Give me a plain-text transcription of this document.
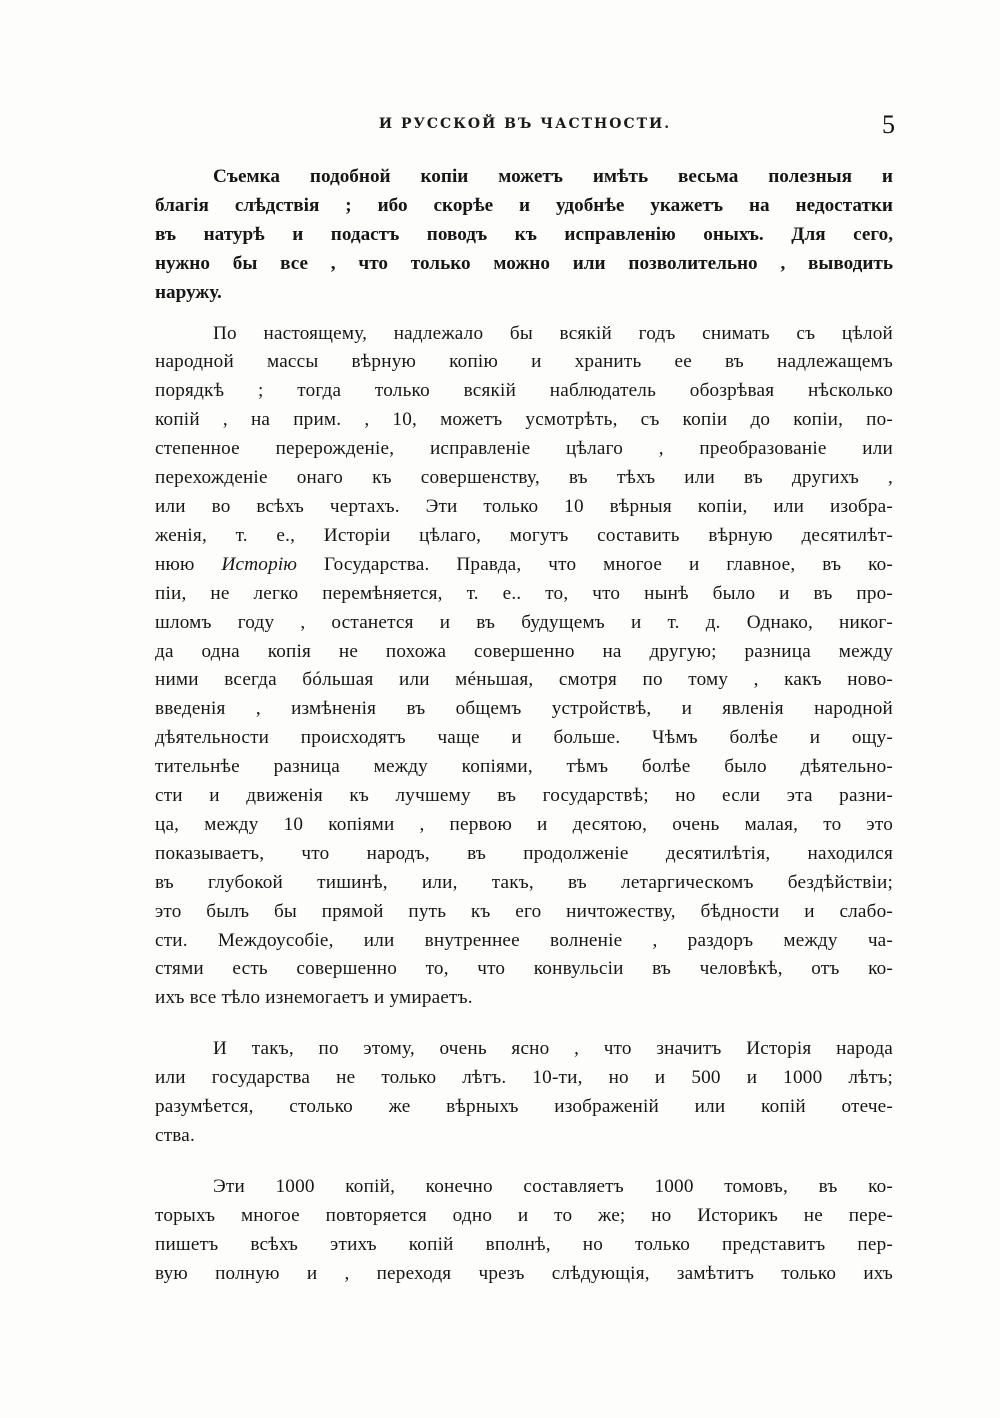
И РУССКОЙ ВЪ ЧАСТНОСТИ.	5

Съемка подобной копіи можетъ имѣть весьма полезныя и
благія слѣдствія ; ибо скорѣе и удобнѣе укажетъ на недостатки
въ натурѣ и подастъ поводъ къ исправленію оныхъ. Для сего,
нужно бы все , что только можно или позволительно , выводить
наружу.

По настоящему, надлежало бы всякій годъ снимать съ цѣлой
народной массы вѣрную копію и хранить ее въ надлежащемъ
порядкѣ ; тогда только всякій наблюдатель обозрѣвая нѣсколько
копій , на прим. , 10, можетъ усмотрѣть, съ копіи до копіи, по-
степенное перерожденіе, исправленіе цѣлаго , преобразованіе или
перехожденіе онаго къ совершенству, въ тѣхъ или въ другихъ ,
или во всѣхъ чертахъ. Эти только 10 вѣрныя копіи, или изобра-
женія, т. е., Исторіи цѣлаго, могутъ составить вѣрную десятилѣт-
нюю Исторію Государства. Правда, что многое и главное, въ ко-
піи, не легко перемѣняется, т. е.. то, что нынѣ было и въ про-
шломъ году , останется и въ будущемъ и т. д. Однако, никог-
да одна копія не похожа совершенно на другую; разница между
ними всегда бóльшая или мéньшая, смотря по тому , какъ ново-
введенія , измѣненія въ общемъ устройствѣ, и явленія народной
дѣятельности происходятъ чаще и больше. Чѣмъ болѣе и ощу-
тительнѣе разница между копіями, тѣмъ болѣе было дѣятельно-
сти и движенія къ лучшему въ государствѣ; но если эта разни-
ца, между 10 копіями , первою и десятою, очень малая, то это
показываетъ, что народъ, въ продолженіе десятилѣтія, находился
въ глубокой тишинѣ, или, такъ, въ летаргическомъ бездѣйствіи;
это былъ бы прямой путь къ его ничтожеству, бѣдности и слабо-
сти. Междоусобіе, или внутреннее волненіе , раздоръ между ча-
стями есть совершенно то, что конвульсіи въ человѣкѣ, отъ ко-
ихъ все тѣло изнемогаетъ и умираетъ.

И такъ, по этому, очень ясно , что значитъ Исторія народа
или государства не только лѣтъ. 10-ти, но и 500 и 1000 лѣтъ;
разумѣется, столько же вѣрныхъ изображеній или копій отече-
ства.

Эти 1000 копій, конечно составляетъ 1000 томовъ, въ ко-
торыхъ многое повторяется одно и то же; но Историкъ не пере-
пишетъ всѣхъ этихъ копій вполнѣ, но только представитъ пер-
вую полную и , переходя чрезъ слѣдующія, замѣтитъ только ихъ
